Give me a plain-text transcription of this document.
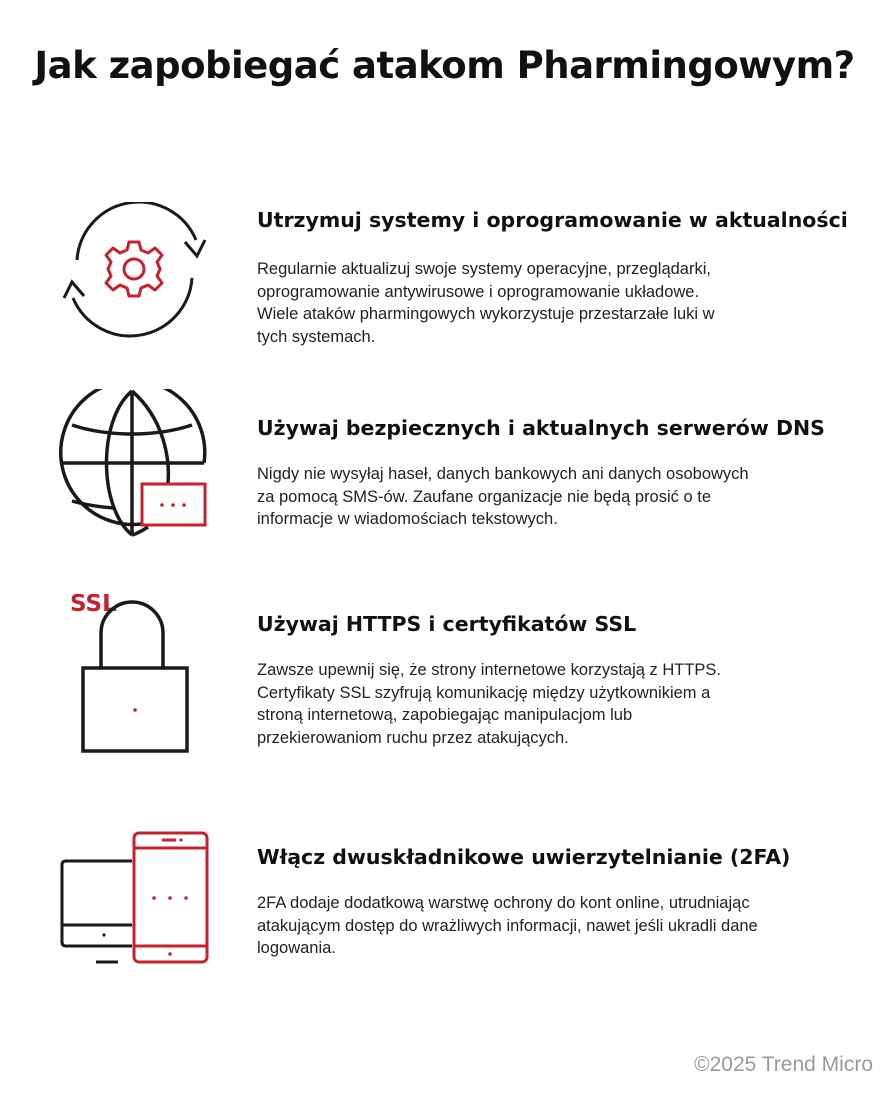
Jak zapobiegać atakom Pharmingowym?
Utrzymuj systemy i oprogramowanie w aktualności
Regularnie aktualizuj swoje systemy operacyjne, przeglądarki,
oprogramowanie antywirusowe i oprogramowanie układowe.
Wiele ataków pharmingowych wykorzystuje przestarzałe luki w
tych systemach.
Używaj bezpiecznych i aktualnych serwerów DNS
Nigdy nie wysyłaj haseł, danych bankowych ani danych osobowych
za pomocą SMS-ów. Zaufane organizacje nie będą prosić o te
informacje w wiadomościach tekstowych.
SSL
Używaj HTTPS i certyfikatów SSL
Zawsze upewnij się, że strony internetowe korzystają z HTTPS.
Certyfikaty SSL szyfrują komunikację między użytkownikiem a
stroną internetową, zapobiegając manipulacjom lub
przekierowaniom ruchu przez atakujących.
Włącz dwuskładnikowe uwierzytelnianie (2FA)
2FA dodaje dodatkową warstwę ochrony do kont online, utrudniając
atakującym dostęp do wrażliwych informacji, nawet jeśli ukradli dane
logowania.
©2025 Trend Micro
